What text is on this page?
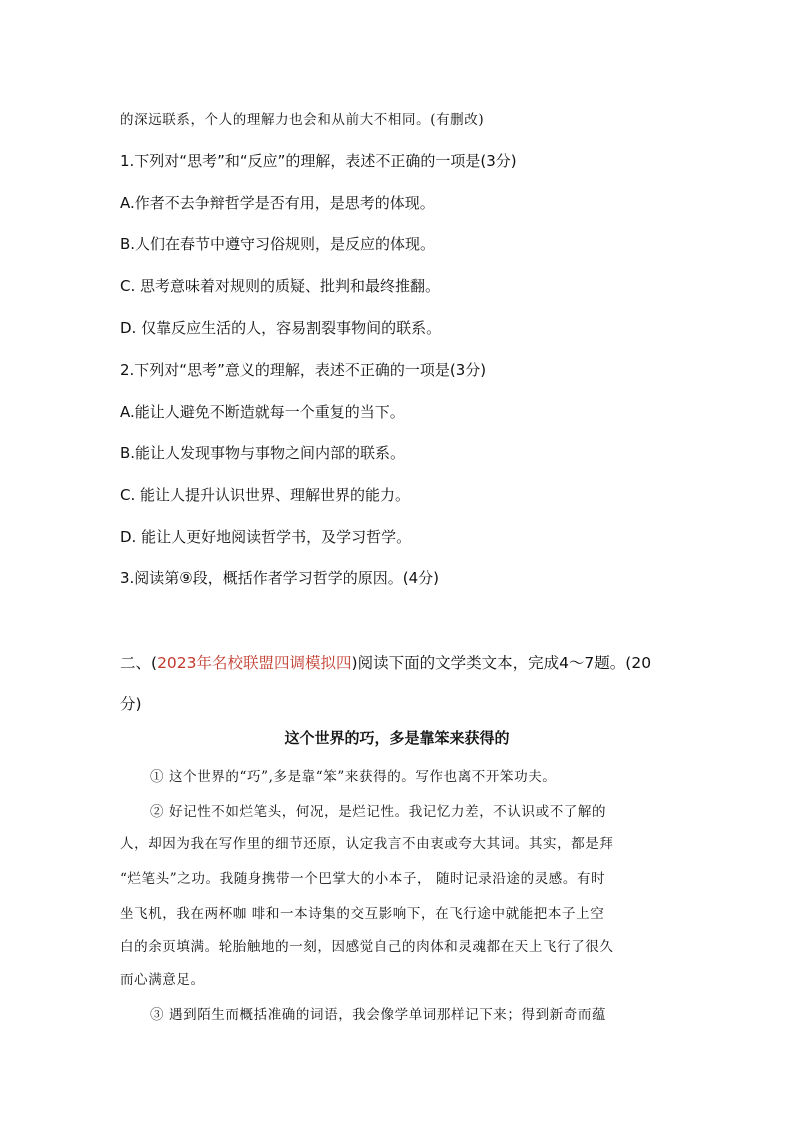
的深远联系，个人的理解力也会和从前大不相同。(有删改)
1.下列对“思考”和“反应”的理解，表述不正确的一项是(3分)
A.作者不去争辩哲学是否有用，是思考的体现。
B.人们在春节中遵守习俗规则，是反应的体现。
C. 思考意味着对规则的质疑、批判和最终推翻。
D. 仅靠反应生活的人，容易割裂事物间的联系。
2.下列对“思考”意义的理解，表述不正确的一项是(3分)
A.能让人避免不断造就每一个重复的当下。
B.能让人发现事物与事物之间内部的联系。
C. 能让人提升认识世界、理解世界的能力。
D. 能让人更好地阅读哲学书，及学习哲学。
3.阅读第⑨段，概括作者学习哲学的原因。(4分)
二、(2023年名校联盟四调模拟四)阅读下面的文学类文本，完成4～7题。(20
分)
这个世界的巧，多是靠笨来获得的
① 这个世界的“巧”,多是靠“笨”来获得的。写作也离不开笨功夫。
② 好记性不如烂笔头，何况，是烂记性。我记忆力差，不认识或不了解的
人，却因为我在写作里的细节还原，认定我言不由衷或夸大其词。其实，都是拜
“烂笔头”之功。我随身携带一个巴掌大的小本子， 随时记录沿途的灵感。有时
坐飞机，我在两杯咖 啡和一本诗集的交互影响下，在飞行途中就能把本子上空
白的余页填满。轮胎触地的一刻，因感觉自己的肉体和灵魂都在天上飞行了很久
而心满意足。
③ 遇到陌生而概括准确的词语，我会像学单词那样记下来；得到新奇而蕴
